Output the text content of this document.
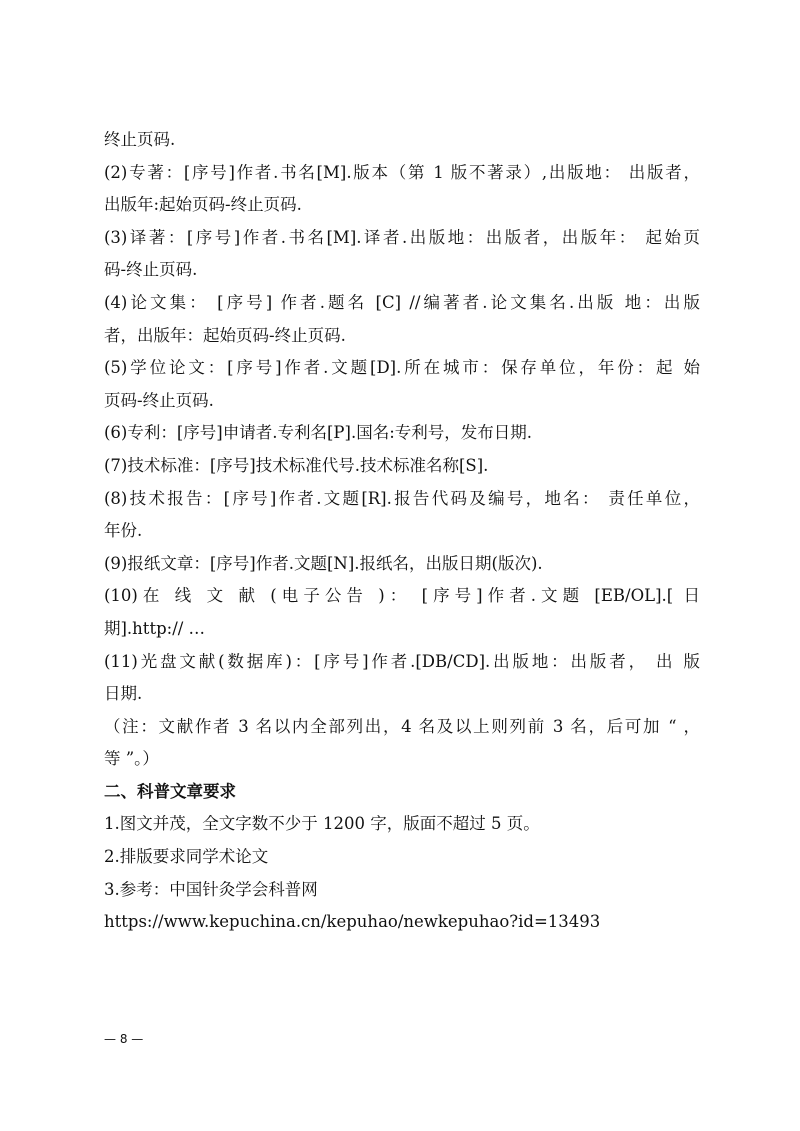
终止页码.
(2)专著：[序号]作者.书名[M].版本（第 1 版不著录）,出版地： 出版者，
出版年:起始页码-终止页码.
(3)译著：[序号]作者.书名[M].译者.出版地：出版者，出版年： 起始页
码-终止页码.
(4)论文集： [序号] 作者.题名 [C] //编著者.论文集名.出版 地：出版
者，出版年：起始页码-终止页码.
(5)学位论文：[序号]作者.文题[D].所在城市：保存单位，年份：起 始
页码-终止页码.
(6)专利：[序号]申请者.专利名[P].国名:专利号，发布日期.
(7)技术标准：[序号]技术标准代号.技术标准名称[S].
(8)技术报告：[序号]作者.文题[R].报告代码及编号，地名： 责任单位，
年份.
(9)报纸文章：[序号]作者.文题[N].报纸名，出版日期(版次).
(10)在 线 文 献 (电子公告 )： [序号]作者.文题 [EB/OL].[ 日
期].http:// …
(11)光盘文献(数据库)：[序号]作者.[DB/CD].出版地：出版者， 出 版
日期.
（注：文献作者 3 名以内全部列出，4 名及以上则列前 3 名，后可加 “ ，
等 ”。）
二、科普文章要求
1.图文并茂，全文字数不少于 1200 字，版面不超过 5 页。
2.排版要求同学术论文
3.参考：中国针灸学会科普网
https://www.kepuchina.cn/kepuhao/newkepuhao?id=13493
— 8 —
